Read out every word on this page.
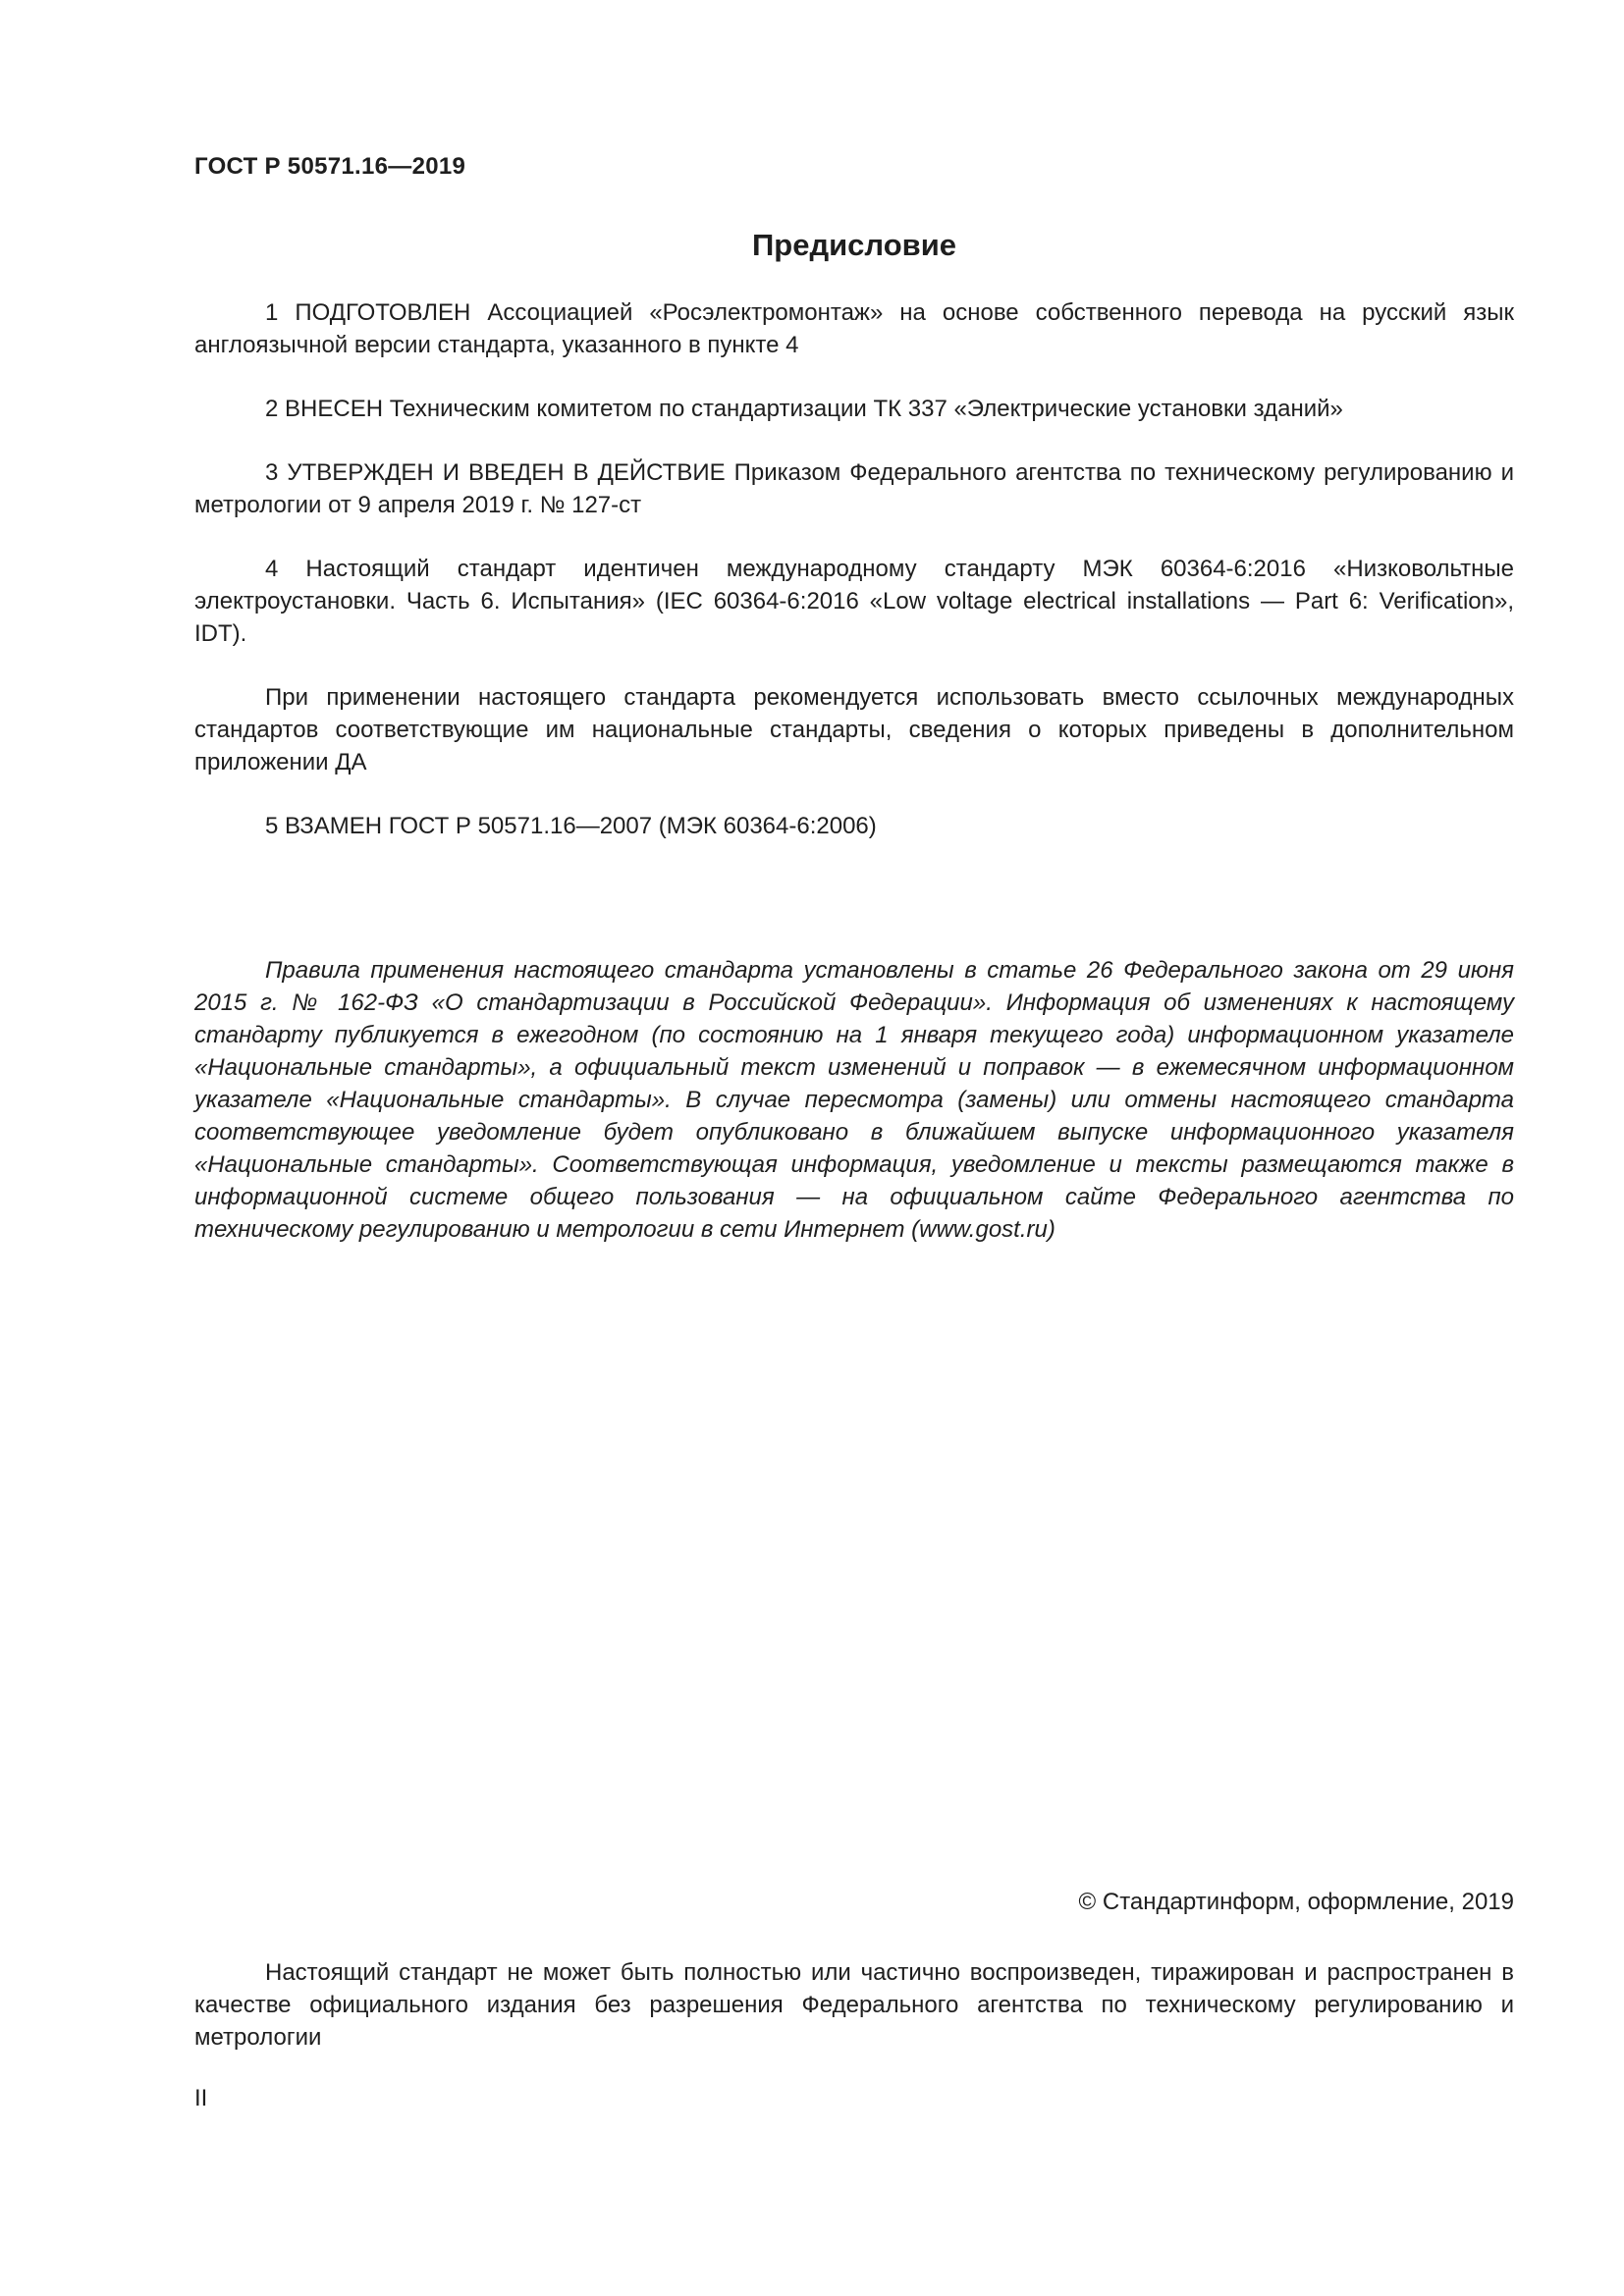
ГОСТ Р 50571.16—2019
Предисловие

1 ПОДГОТОВЛЕН Ассоциацией «Росэлектромонтаж» на основе собственного перевода на русский язык англоязычной версии стандарта, указанного в пункте 4

2 ВНЕСЕН Техническим комитетом по стандартизации ТК 337 «Электрические установки зданий»

3 УТВЕРЖДЕН И ВВЕДЕН В ДЕЙСТВИЕ Приказом Федерального агентства по техническому регулированию и метрологии от 9 апреля 2019 г. № 127-ст

4 Настоящий стандарт идентичен международному стандарту МЭК 60364-6:2016 «Низковольтные электроустановки. Часть 6. Испытания» (IEC 60364-6:2016 «Low voltage electrical installations — Part 6: Verification», IDT).

При применении настоящего стандарта рекомендуется использовать вместо ссылочных международных стандартов соответствующие им национальные стандарты, сведения о которых приведены в дополнительном приложении ДА

5 ВЗАМЕН ГОСТ Р 50571.16—2007 (МЭК 60364-6:2006)

Правила применения настоящего стандарта установлены в статье 26 Федерального закона от 29 июня 2015 г. № 162-ФЗ «О стандартизации в Российской Федерации». Информация об изменениях к настоящему стандарту публикуется в ежегодном (по состоянию на 1 января текущего года) информационном указателе «Национальные стандарты», а официальный текст изменений и поправок — в ежемесячном информационном указателе «Национальные стандарты». В случае пересмотра (замены) или отмены настоящего стандарта соответствующее уведомление будет опубликовано в ближайшем выпуске информационного указателя «Национальные стандарты». Соответствующая информация, уведомление и тексты размещаются также в информационной системе общего пользования — на официальном сайте Федерального агентства по техническому регулированию и метрологии в сети Интернет (www.gost.ru)
© Стандартинформ, оформление, 2019
Настоящий стандарт не может быть полностью или частично воспроизведен, тиражирован и распространен в качестве официального издания без разрешения Федерального агентства по техническому регулированию и метрологии
II
